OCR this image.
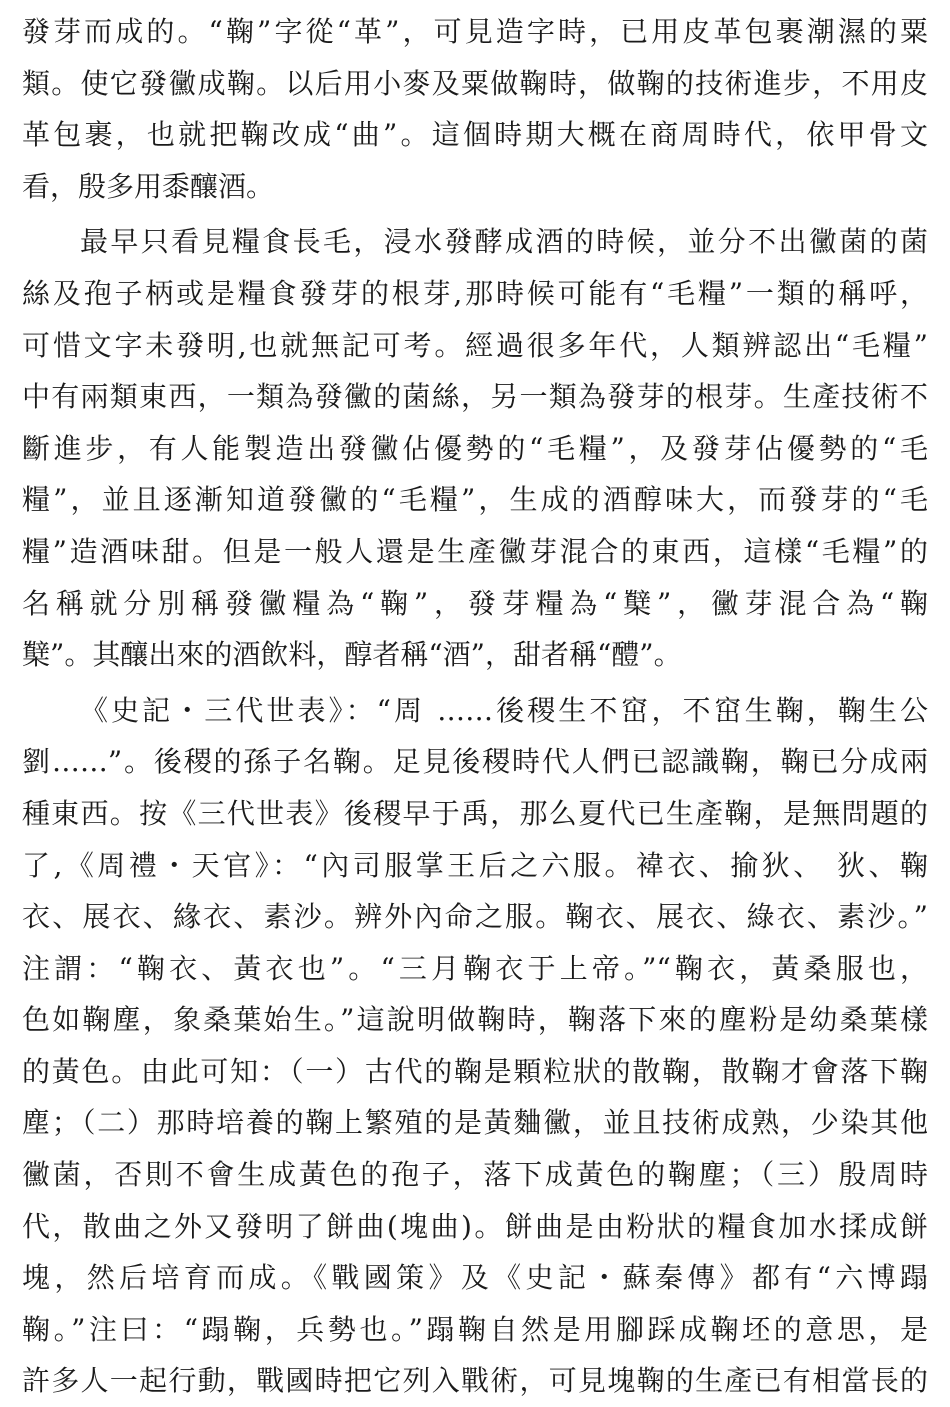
發芽而成的。“鞠”字從“革”，可見造字時，已用皮革包裹潮濕的粟
類。使它發黴成鞠。以后用小麥及粟做鞠時，做鞠的技術進步，不用皮
革包裹，也就把鞠改成“曲”。這個時期大概在商周時代，依甲骨文
看，殷多用黍釀酒。
最早只看見糧食長毛，浸水發酵成酒的時候，並分不出黴菌的菌
絲及孢子柄或是糧食發芽的根芽,那時候可能有“毛糧”一類的稱呼，
可惜文字未發明,也就無記可考。經過很多年代，人類辨認出“毛糧”
中有兩類東西，一類為發黴的菌絲，另一類為發芽的根芽。生產技術不
斷進步，有人能製造出發黴佔優勢的“毛糧”，及發芽佔優勢的“毛
糧”，並且逐漸知道發黴的“毛糧”，生成的酒醇味大，而發芽的“毛
糧”造酒味甜。但是一般人還是生產黴芽混合的東西，這樣“毛糧”的
名稱就分別稱發黴糧為“鞠”，發芽糧為“櫱”，黴芽混合為“鞠
櫱”。其釀出來的酒飲料，醇者稱“酒”，甜者稱“醴”。
《史記・三代世表》：“周 ……後稷生不窋，不窋生鞠，鞠生公
劉……”。後稷的孫子名鞠。足見後稷時代人們已認識鞠，鞠已分成兩
種東西。按《三代世表》後稷早于禹，那么夏代已生產鞠，是無問題的
了,《周禮・天官》：“內司服掌王后之六服。褘衣、揄狄、 狄、鞠
衣、展衣、緣衣、素沙。辨外內命之服。鞠衣、展衣、綠衣、素沙。”
注謂：“鞠衣、黃衣也”。“三月鞠衣于上帝。”“鞠衣，黃桑服也，
色如鞠塵，象桑葉始生。”這說明做鞠時，鞠落下來的塵粉是幼桑葉樣
的黃色。由此可知：（一）古代的鞠是顆粒狀的散鞠，散鞠才會落下鞠
塵；（二）那時培養的鞠上繁殖的是黃麯黴，並且技術成熟，少染其他
黴菌，否則不會生成黃色的孢子，落下成黃色的鞠塵；（三）殷周時
代，散曲之外又發明了餅曲(塊曲)。餅曲是由粉狀的糧食加水揉成餅
塊，然后培育而成。《戰國策》及《史記・蘇秦傳》都有“六博蹋
鞠。”注曰：“蹋鞠，兵勢也。”蹋鞠自然是用腳踩成鞠坯的意思，是
許多人一起行動，戰國時把它列入戰術，可見塊鞠的生產已有相當長的
